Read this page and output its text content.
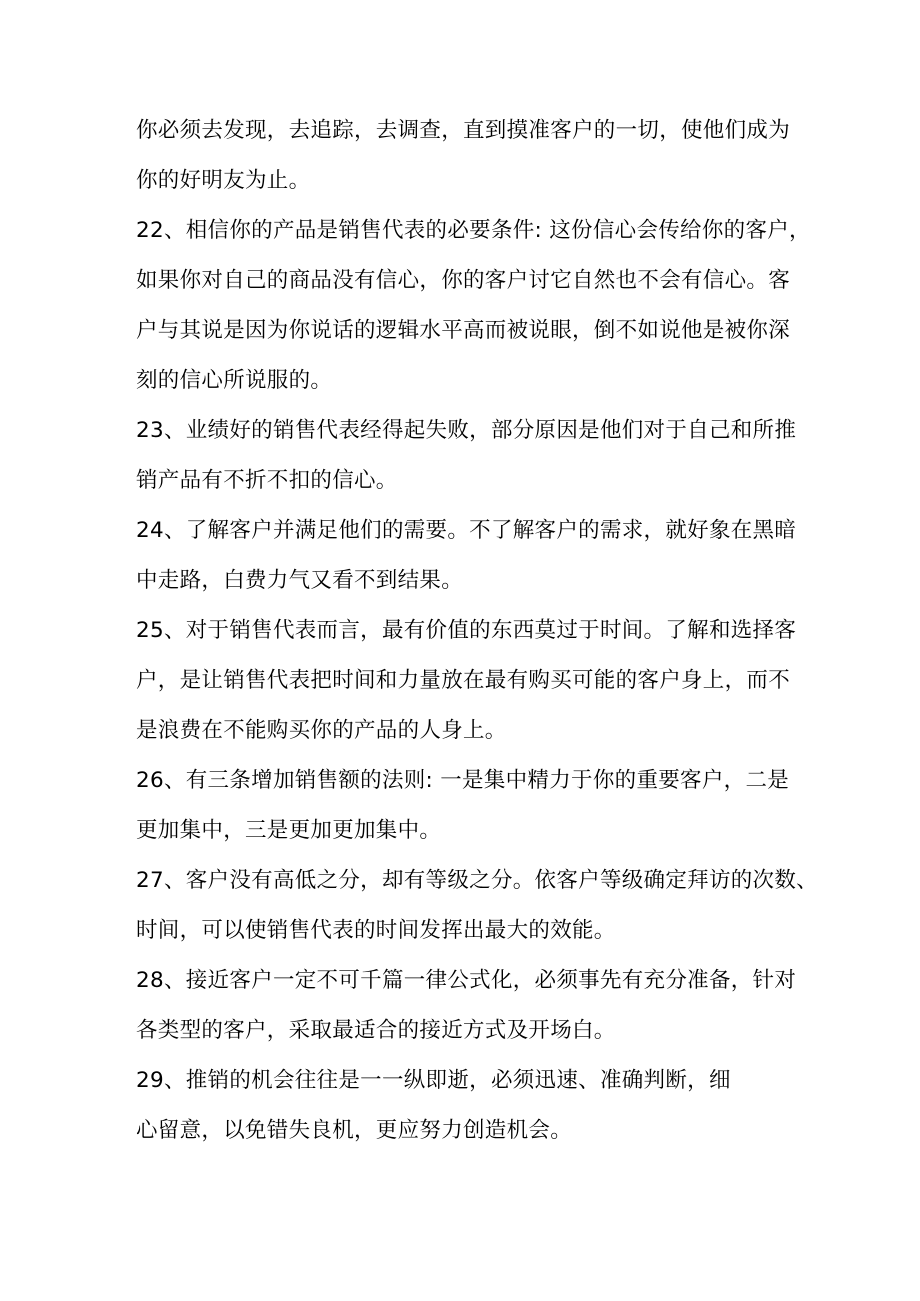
你必须去发现，去追踪，去调查，直到摸准客户的一切，使他们成为
你的好明友为止。
22、相信你的产品是销售代表的必要条件: 这份信心会传给你的客户，
如果你对自己的商品没有信心，你的客户讨它自然也不会有信心。客
户与其说是因为你说话的逻辑水平高而被说眼，倒不如说他是被你深
刻的信心所说服的。
23、业绩好的销售代表经得起失败，部分原因是他们对于自己和所推
销产品有不折不扣的信心。
24、了解客户并满足他们的需要。不了解客户的需求，就好象在黑暗
中走路，白费力气又看不到结果。
25、对于销售代表而言，最有价值的东西莫过于时间。了解和选择客
户，是让销售代表把时间和力量放在最有购买可能的客户身上，而不
是浪费在不能购买你的产品的人身上。
26、有三条增加销售额的法则: 一是集中精力于你的重要客户，二是
更加集中，三是更加更加集中。
27、客户没有高低之分，却有等级之分。依客户等级确定拜访的次数、
时间，可以使销售代表的时间发挥出最大的效能。
28、接近客户一定不可千篇一律公式化，必须事先有充分准备，针对
各类型的客户，采取最适合的接近方式及开场白。
29、推销的机会往往是一一纵即逝，必须迅速、准确判断，细
心留意，以免错失良机，更应努力创造机会。
